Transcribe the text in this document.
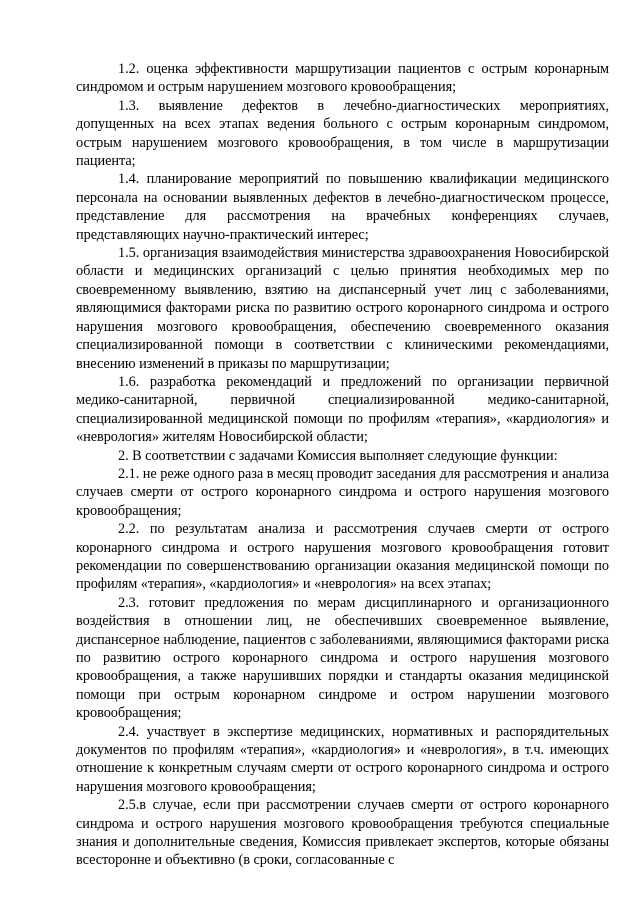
1.2. оценка эффективности маршрутизации пациентов с острым коронарным синдромом и острым нарушением мозгового кровообращения;

1.3. выявление дефектов в лечебно-диагностических мероприятиях, допущенных на всех этапах ведения больного с острым коронарным синдромом, острым нарушением мозгового кровообращения, в том числе в маршрутизации пациента;

1.4. планирование мероприятий по повышению квалификации медицинского персонала на основании выявленных дефектов в лечебно-диагностическом процессе, представление для рассмотрения на врачебных конференциях случаев, представляющих научно-практический интерес;

1.5. организация взаимодействия министерства здравоохранения Новосибирской области и медицинских организаций с целью принятия необходимых мер по своевременному выявлению, взятию на диспансерный учет лиц с заболеваниями, являющимися факторами риска по развитию острого коронарного синдрома и острого нарушения мозгового кровообращения, обеспечению своевременного оказания специализированной помощи в соответствии с клиническими рекомендациями, внесению изменений в приказы по маршрутизации;

1.6. разработка рекомендаций и предложений по организации первичной медико-санитарной, первичной специализированной медико-санитарной, специализированной медицинской помощи по профилям «терапия», «кардиология» и «неврология» жителям Новосибирской области;

2. В соответствии с задачами Комиссия выполняет следующие функции:

2.1. не реже одного раза в месяц проводит заседания для рассмотрения и анализа случаев смерти от острого коронарного синдрома и острого нарушения мозгового кровообращения;

2.2. по результатам анализа и рассмотрения случаев смерти от острого коронарного синдрома и острого нарушения мозгового кровообращения готовит рекомендации по совершенствованию организации оказания медицинской помощи по профилям «терапия», «кардиология» и «неврология» на всех этапах;

2.3. готовит предложения по мерам дисциплинарного и организационного воздействия в отношении лиц, не обеспечивших своевременное выявление, диспансерное наблюдение, пациентов с заболеваниями, являющимися факторами риска по развитию острого коронарного синдрома и острого нарушения мозгового кровообращения, а также нарушивших порядки и стандарты оказания медицинской помощи при острым коронарном синдроме и остром нарушении мозгового кровообращения;

2.4. участвует в экспертизе медицинских, нормативных и распорядительных документов по профилям «терапия», «кардиология» и «неврология», в т.ч. имеющих отношение к конкретным случаям смерти от острого коронарного синдрома и острого нарушения мозгового кровообращения;

2.5.в случае, если при рассмотрении случаев смерти от острого коронарного синдрома и острого нарушения мозгового кровообращения требуются специальные знания и дополнительные сведения, Комиссия привлекает экспертов, которые обязаны всесторонне и объективно (в сроки, согласованные с
